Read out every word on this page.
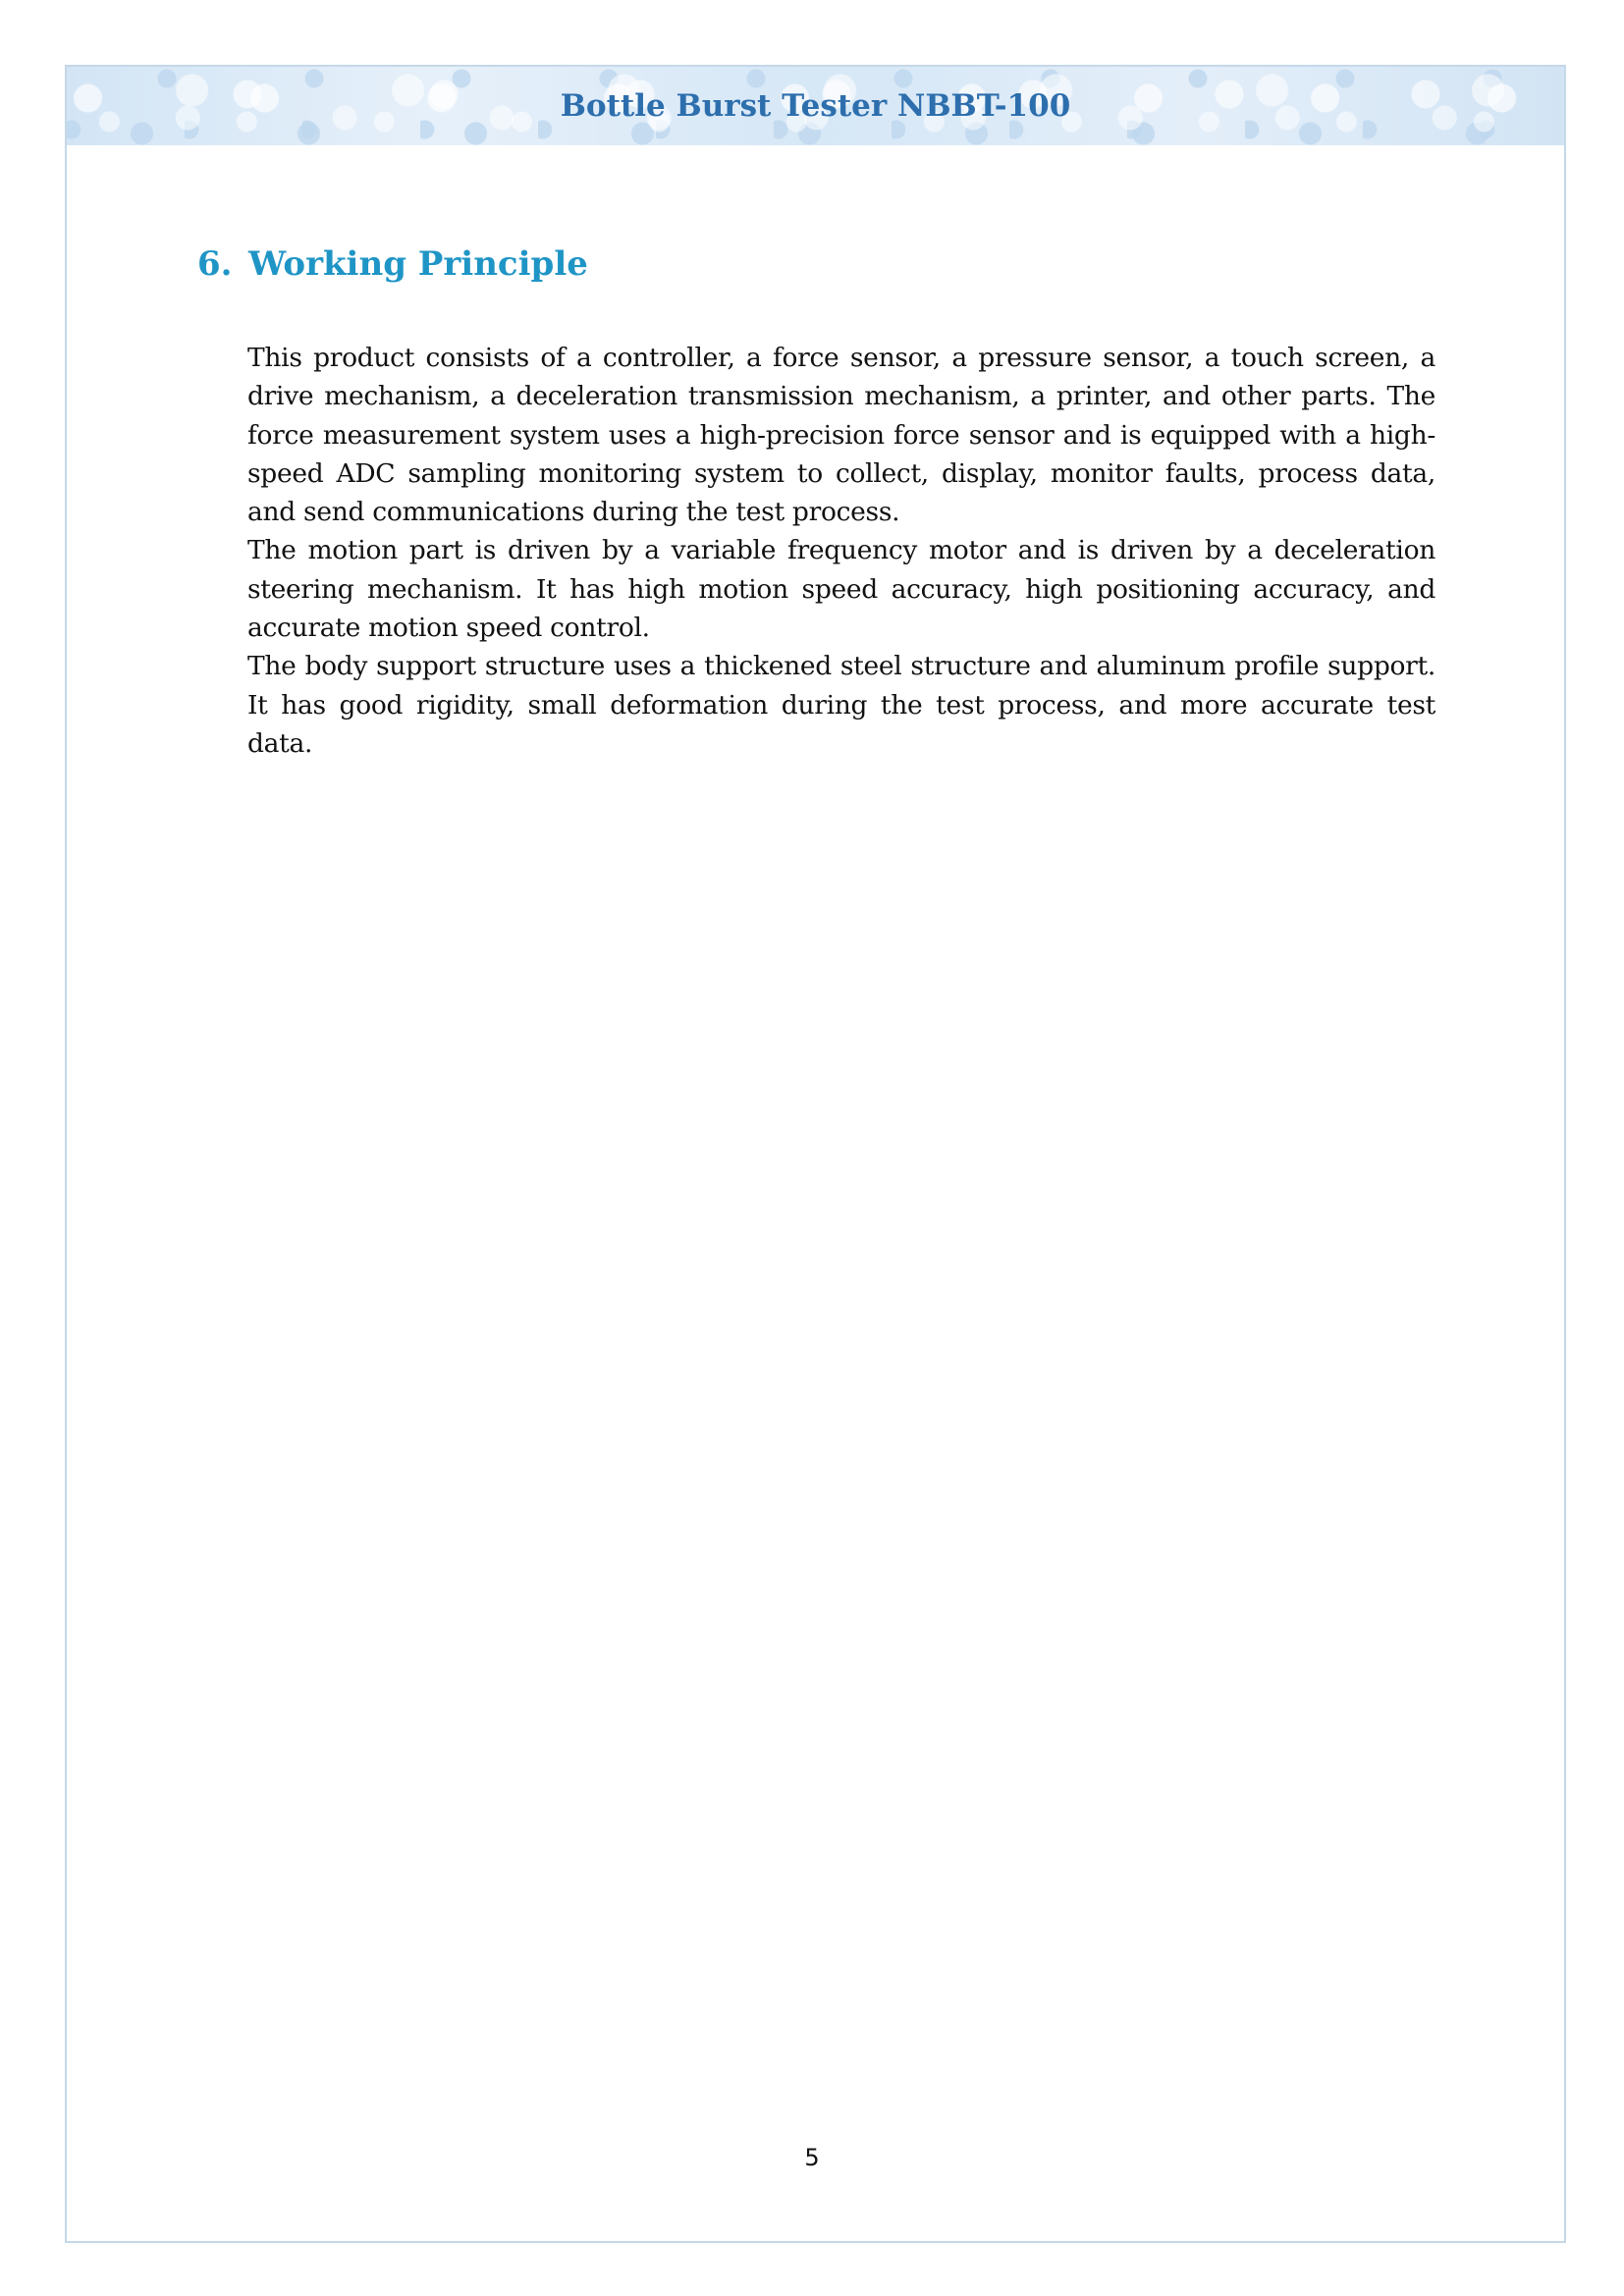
Bottle Burst Tester NBBT-100
6. Working Principle

This product consists of a controller, a force sensor, a pressure sensor, a touch screen, a drive mechanism, a deceleration transmission mechanism, a printer, and other parts. The force measurement system uses a high-precision force sensor and is equipped with a high-speed ADC sampling monitoring system to collect, display, monitor faults, process data, and send communications during the test process.

The motion part is driven by a variable frequency motor and is driven by a deceleration steering mechanism. It has high motion speed accuracy, high positioning accuracy, and accurate motion speed control.

The body support structure uses a thickened steel structure and aluminum profile support. It has good rigidity, small deformation during the test process, and more accurate test data.

5
